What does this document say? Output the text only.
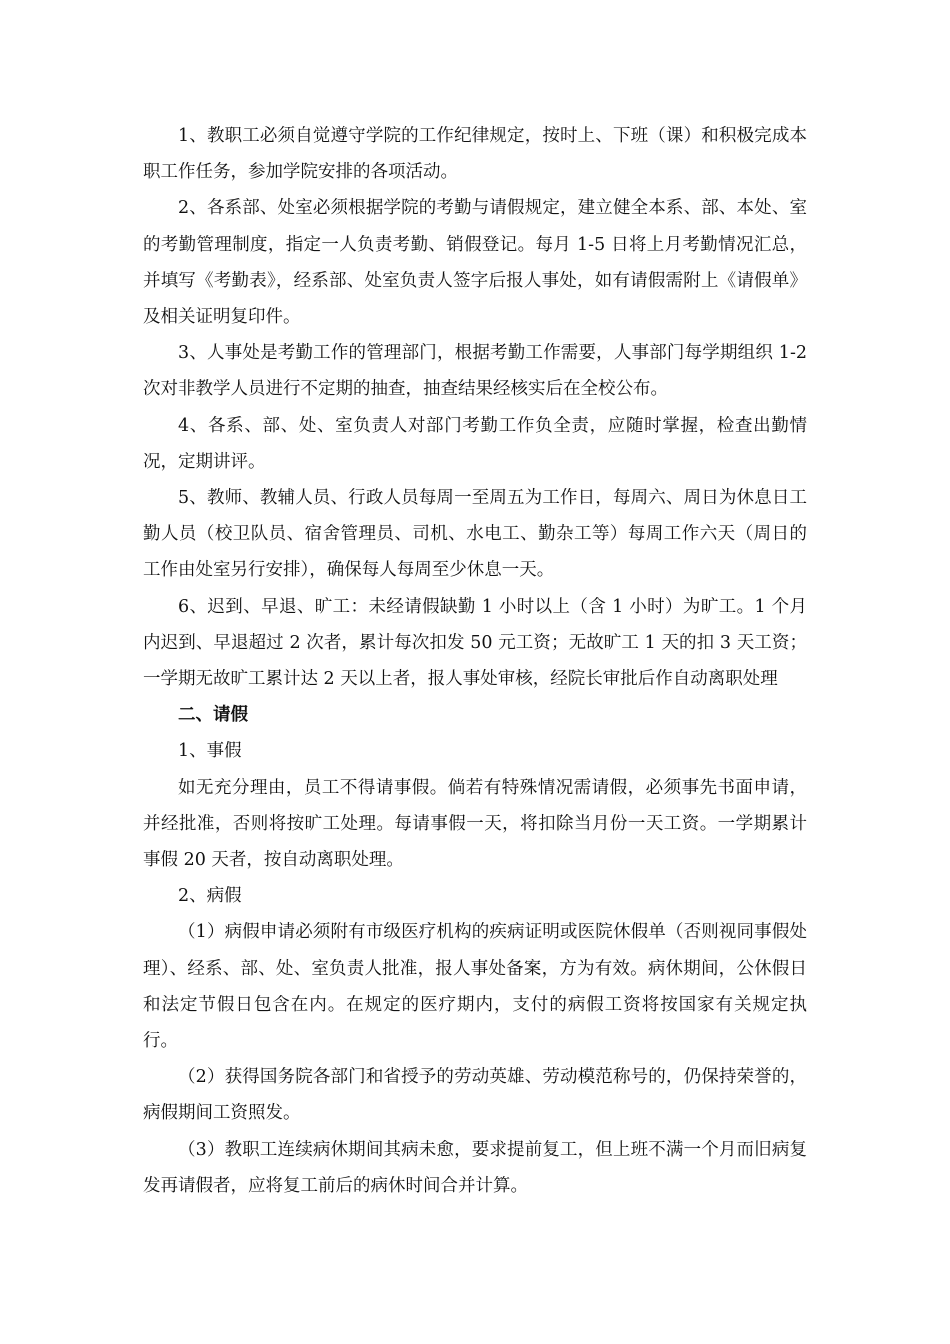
1、教职工必须自觉遵守学院的工作纪律规定，按时上、下班（课）和积极完成本职工作任务，参加学院安排的各项活动。

2、各系部、处室必须根据学院的考勤与请假规定，建立健全本系、部、本处、室的考勤管理制度，指定一人负责考勤、销假登记。每月 1-5 日将上月考勤情况汇总，并填写《考勤表》，经系部、处室负责人签字后报人事处，如有请假需附上《请假单》及相关证明复印件。

3、人事处是考勤工作的管理部门，根据考勤工作需要，人事部门每学期组织 1-2 次对非教学人员进行不定期的抽查，抽查结果经核实后在全校公布。

4、各系、部、处、室负责人对部门考勤工作负全责，应随时掌握，检查出勤情况，定期讲评。

5、教师、教辅人员、行政人员每周一至周五为工作日，每周六、周日为休息日工勤人员（校卫队员、宿舍管理员、司机、水电工、勤杂工等）每周工作六天（周日的工作由处室另行安排），确保每人每周至少休息一天。

6、迟到、早退、旷工：未经请假缺勤 1 小时以上（含 1 小时）为旷工。1 个月内迟到、早退超过 2 次者，累计每次扣发 50 元工资；无故旷工 1 天的扣 3 天工资；一学期无故旷工累计达 2 天以上者，报人事处审核，经院长审批后作自动离职处理

二、请假

1、事假

如无充分理由，员工不得请事假。倘若有特殊情况需请假，必须事先书面申请，并经批准，否则将按旷工处理。每请事假一天，将扣除当月份一天工资。一学期累计事假 20 天者，按自动离职处理。

2、病假

（1）病假申请必须附有市级医疗机构的疾病证明或医院休假单（否则视同事假处理）、经系、部、处、室负责人批准，报人事处备案，方为有效。病休期间，公休假日和法定节假日包含在内。在规定的医疗期内，支付的病假工资将按国家有关规定执行。

（2）获得国务院各部门和省授予的劳动英雄、劳动模范称号的，仍保持荣誉的，病假期间工资照发。

（3）教职工连续病休期间其病未愈，要求提前复工，但上班不满一个月而旧病复发再请假者，应将复工前后的病休时间合并计算。
